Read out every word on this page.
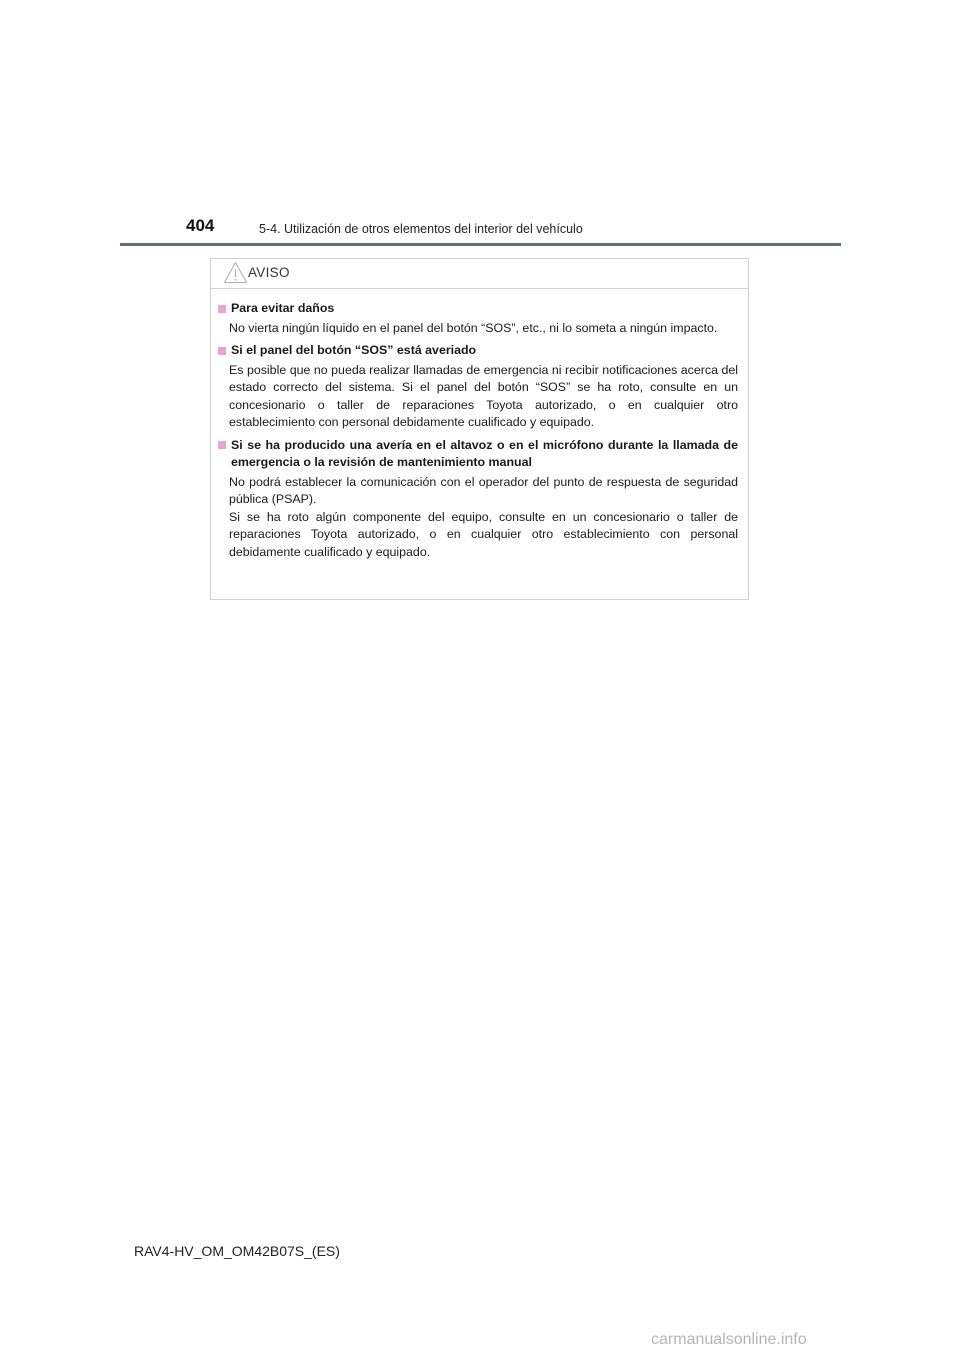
404	5-4. Utilización de otros elementos del interior del vehículo
AVISO
Para evitar daños

No vierta ningún líquido en el panel del botón “SOS”, etc., ni lo someta a ningún impacto.

Si el panel del botón “SOS” está averiado

Es posible que no pueda realizar llamadas de emergencia ni recibir notificaciones acerca del estado correcto del sistema. Si el panel del botón “SOS” se ha roto, consulte en un concesionario o taller de reparaciones Toyota autorizado, o en cualquier otro establecimiento con personal debidamente cualificado y equipado.

Si se ha producido una avería en el altavoz o en el micrófono durante la llamada de emergencia o la revisión de mantenimiento manual

No podrá establecer la comunicación con el operador del punto de respuesta de seguridad pública (PSAP).

Si se ha roto algún componente del equipo, consulte en un concesionario o taller de reparaciones Toyota autorizado, o en cualquier otro establecimiento con personal debidamente cualificado y equipado.

RAV4-HV_OM_OM42B07S_(ES)
carmanualsonline.info
